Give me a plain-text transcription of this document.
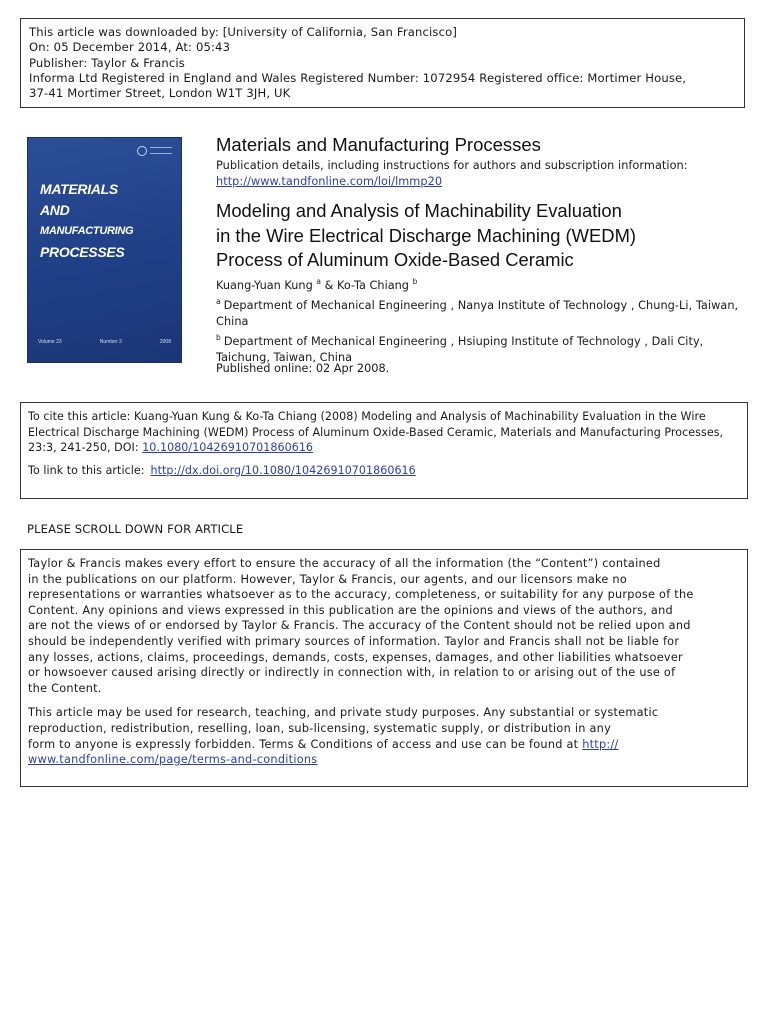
This article was downloaded by: [University of California, San Francisco]
On: 05 December 2014, At: 05:43
Publisher: Taylor & Francis
Informa Ltd Registered in England and Wales Registered Number: 1072954 Registered office: Mortimer House,
37-41 Mortimer Street, London W1T 3JH, UK
MATERIALS
AND
MANUFACTURING
PROCESSES
Volume 23	Number 3	2008
Materials and Manufacturing Processes
Publication details, including instructions for authors and subscription information:
http://www.tandfonline.com/loi/lmmp20
Modeling and Analysis of Machinability Evaluation
in the Wire Electrical Discharge Machining (WEDM)
Process of Aluminum Oxide-Based Ceramic
Kuang-Yuan Kung $^a$ & Ko-Ta Chiang $^b$
$^a$ Department of Mechanical Engineering , Nanya Institute of Technology , Chung-Li, Taiwan, China
$^b$ Department of Mechanical Engineering , Hsiuping Institute of Technology , Dali City, Taichung, Taiwan, China
Published online: 02 Apr 2008.
To cite this article: Kuang-Yuan Kung & Ko-Ta Chiang (2008) Modeling and Analysis of Machinability Evaluation in the Wire
Electrical Discharge Machining (WEDM) Process of Aluminum Oxide-Based Ceramic, Materials and Manufacturing Processes,
23:3, 241-250, DOI: 10.1080/10426910701860616
To link to this article: http://dx.doi.org/10.1080/10426910701860616
PLEASE SCROLL DOWN FOR ARTICLE
Taylor & Francis makes every effort to ensure the accuracy of all the information (the “Content”) contained
in the publications on our platform. However, Taylor & Francis, our agents, and our licensors make no
representations or warranties whatsoever as to the accuracy, completeness, or suitability for any purpose of the
Content. Any opinions and views expressed in this publication are the opinions and views of the authors, and
are not the views of or endorsed by Taylor & Francis. The accuracy of the Content should not be relied upon and
should be independently verified with primary sources of information. Taylor and Francis shall not be liable for
any losses, actions, claims, proceedings, demands, costs, expenses, damages, and other liabilities whatsoever
or howsoever caused arising directly or indirectly in connection with, in relation to or arising out of the use of
the Content.
This article may be used for research, teaching, and private study purposes. Any substantial or systematic
reproduction, redistribution, reselling, loan, sub-licensing, systematic supply, or distribution in any
form to anyone is expressly forbidden. Terms & Conditions of access and use can be found at http://
www.tandfonline.com/page/terms-and-conditions
